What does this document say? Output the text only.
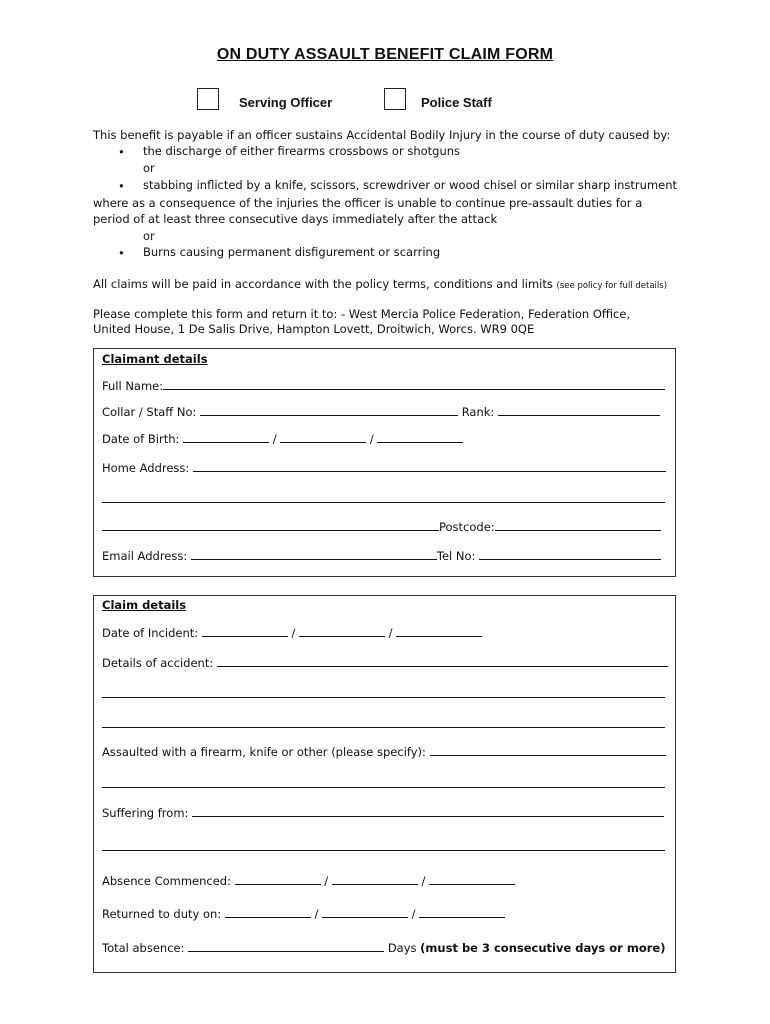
ON DUTY ASSAULT BENEFIT CLAIM FORM
Serving Officer	Police Staff
This benefit is payable if an officer sustains Accidental Bodily Injury in the course of duty caused by:
• the discharge of either firearms crossbows or shotguns
or
• stabbing inflicted by a knife, scissors, screwdriver or wood chisel or similar sharp instrument
where as a consequence of the injuries the officer is unable to continue pre-assault duties for a
period of at least three consecutive days immediately after the attack
or
• Burns causing permanent disfigurement or scarring
All claims will be paid in accordance with the policy terms, conditions and limits (see policy for full details)
Please complete this form and return it to: - West Mercia Police Federation, Federation Office,
United House, 1 De Salis Drive, Hampton Lovett, Droitwich, Worcs. WR9 0QE
Claimant details
Full Name:
Collar / Staff No:	Rank:
Date of Birth:	/	/
Home Address:
Postcode:
Email Address:	Tel No:
Claim details
Date of Incident:	/	/
Details of accident:
Assaulted with a firearm, knife or other (please specify):
Suffering from:
Absence Commenced:	/	/
Returned to duty on:	/	/
Total absence:	Days (must be 3 consecutive days or more)
